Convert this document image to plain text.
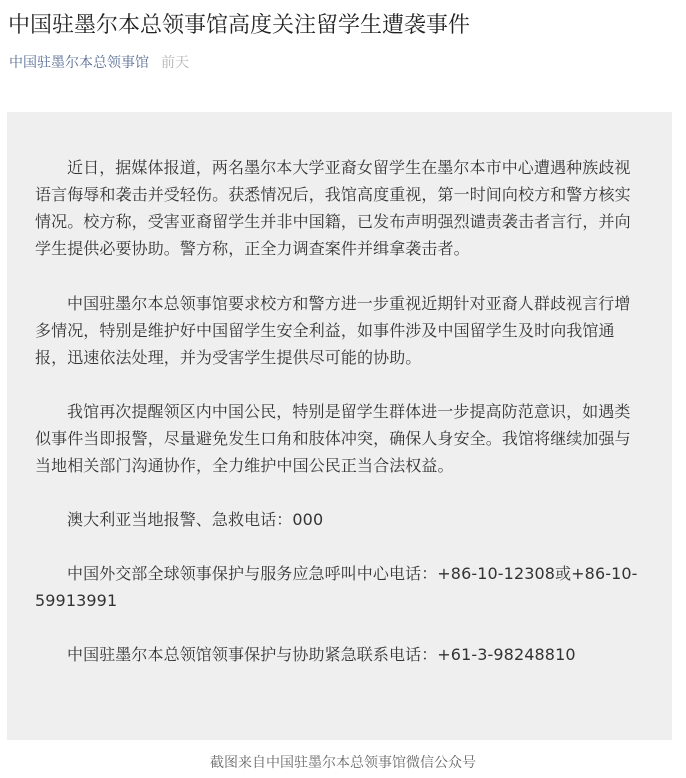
中国驻墨尔本总领事馆高度关注留学生遭袭事件
中国驻墨尔本总领事馆 前天
近日，据媒体报道，两名墨尔本大学亚裔女留学生在墨尔本市中心遭遇种族歧视语言侮辱和袭击并受轻伤。获悉情况后，我馆高度重视，第一时间向校方和警方核实情况。校方称，受害亚裔留学生并非中国籍，已发布声明强烈谴责袭击者言行，并向学生提供必要协助。警方称，正全力调查案件并缉拿袭击者。
中国驻墨尔本总领事馆要求校方和警方进一步重视近期针对亚裔人群歧视言行增多情况，特别是维护好中国留学生安全利益，如事件涉及中国留学生及时向我馆通报，迅速依法处理，并为受害学生提供尽可能的协助。
我馆再次提醒领区内中国公民，特别是留学生群体进一步提高防范意识，如遇类似事件当即报警，尽量避免发生口角和肢体冲突，确保人身安全。我馆将继续加强与当地相关部门沟通协作，全力维护中国公民正当合法权益。
澳大利亚当地报警、急救电话：000
中国外交部全球领事保护与服务应急呼叫中心电话：+86-10-12308或+86-10-59913991
中国驻墨尔本总领馆领事保护与协助紧急联系电话：+61-3-98248810
截图来自中国驻墨尔本总领事馆微信公众号
